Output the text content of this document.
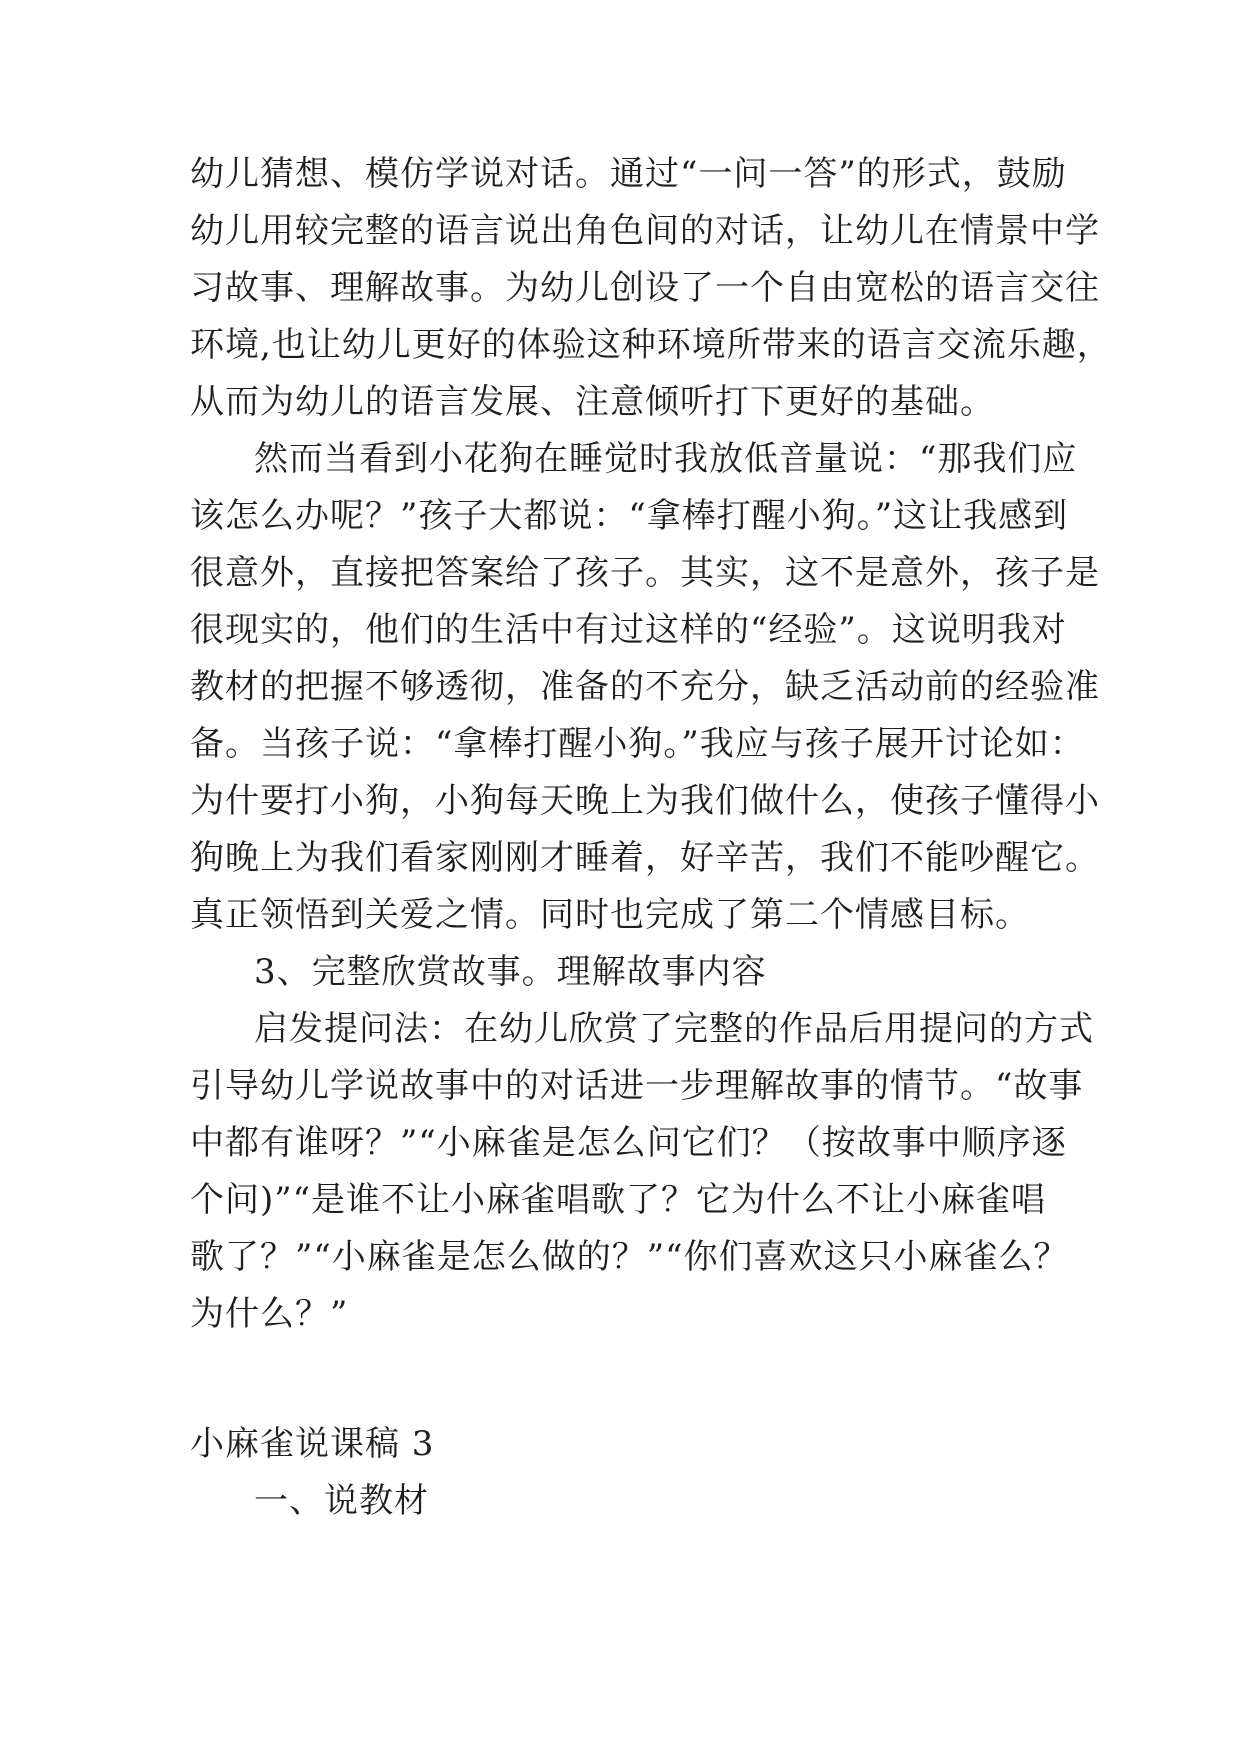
幼儿猜想、模仿学说对话。通过“一问一答”的形式，鼓励
幼儿用较完整的语言说出角色间的对话，让幼儿在情景中学
习故事、理解故事。为幼儿创设了一个自由宽松的语言交往
环境,也让幼儿更好的体验这种环境所带来的语言交流乐趣，
从而为幼儿的语言发展、注意倾听打下更好的基础。
然而当看到小花狗在睡觉时我放低音量说：“那我们应
该怎么办呢？”孩子大都说：“拿棒打醒小狗。”这让我感到
很意外，直接把答案给了孩子。其实，这不是意外，孩子是
很现实的，他们的生活中有过这样的“经验”。这说明我对
教材的把握不够透彻，准备的不充分，缺乏活动前的经验准
备。当孩子说：“拿棒打醒小狗。”我应与孩子展开讨论如：
为什要打小狗，小狗每天晚上为我们做什么，使孩子懂得小
狗晚上为我们看家刚刚才睡着，好辛苦，我们不能吵醒它。
真正领悟到关爱之情。同时也完成了第二个情感目标。
3、完整欣赏故事。理解故事内容
启发提问法：在幼儿欣赏了完整的作品后用提问的方式
引导幼儿学说故事中的对话进一步理解故事的情节。“故事
中都有谁呀？”“小麻雀是怎么问它们？（按故事中顺序逐
个问)”“是谁不让小麻雀唱歌了？它为什么不让小麻雀唱
歌了？”“小麻雀是怎么做的？”“你们喜欢这只小麻雀么？
为什么？”
小麻雀说课稿 3
一、说教材
